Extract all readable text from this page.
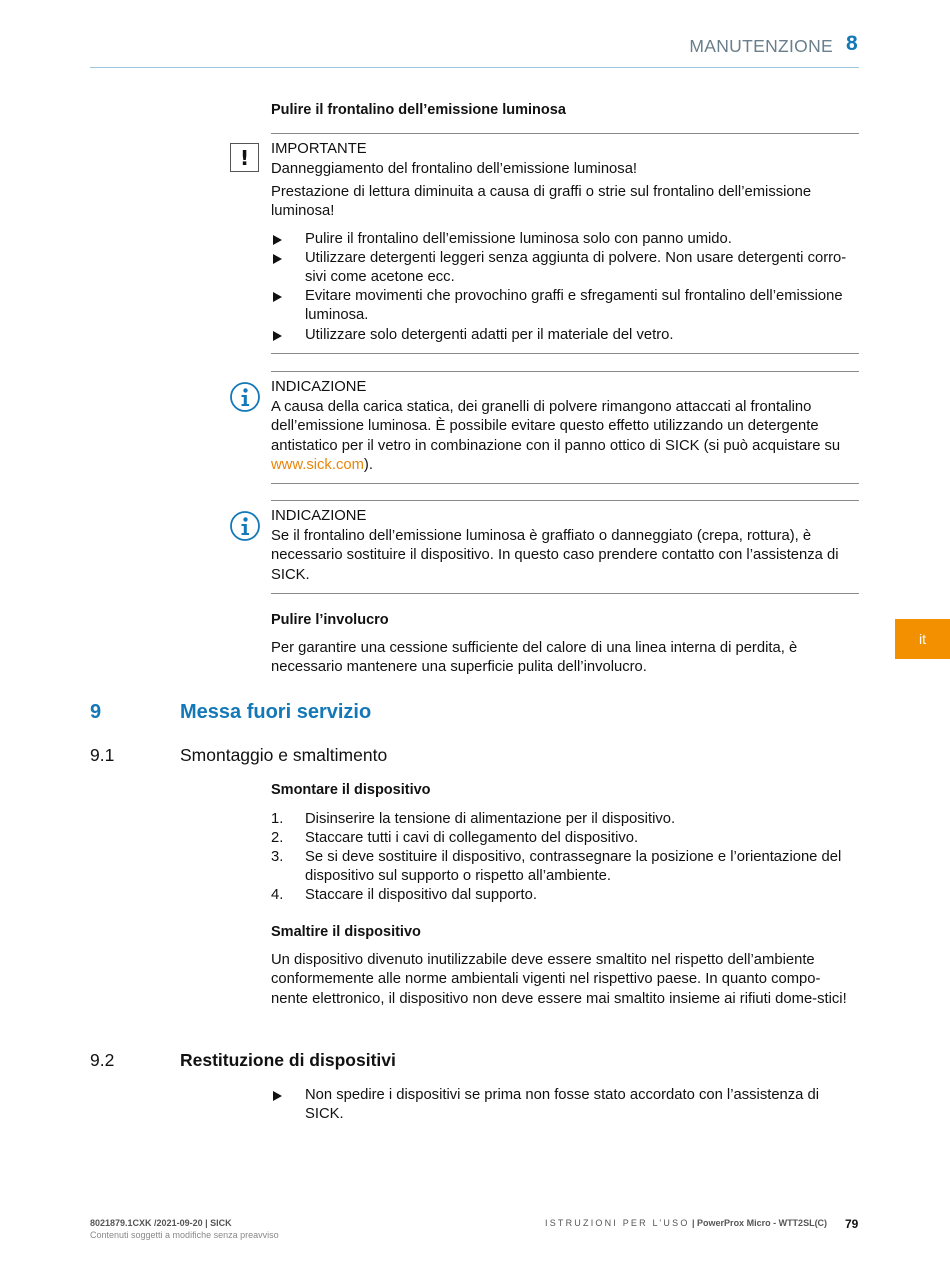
MANUTENZIONE 8
Pulire il frontalino dell’emissione luminosa
!	IMPORTANTE
Danneggiamento del frontalino dell’emissione luminosa!
Prestazione di lettura diminuita a causa di graffi o strie sul frontalino dell’emissione luminosa!
Pulire il frontalino dell’emissione luminosa solo con panno umido.
Utilizzare detergenti leggeri senza aggiunta di polvere. Non usare detergenti corro-sivi come acetone ecc.
Evitare movimenti che provochino graffi e sfregamenti sul frontalino dell’emissione luminosa.
Utilizzare solo detergenti adatti per il materiale del vetro.
INDICAZIONE
A causa della carica statica, dei granelli di polvere rimangono attaccati al frontalino dell’emissione luminosa. È possibile evitare questo effetto utilizzando un detergente antistatico per il vetro in combinazione con il panno ottico di SICK (si può acquistare su www.sick.com).
INDICAZIONE
Se il frontalino dell’emissione luminosa è graffiato o danneggiato (crepa, rottura), è necessario sostituire il dispositivo. In questo caso prendere contatto con l’assistenza di SICK.
Pulire l’involucro
Per garantire una cessione sufficiente del calore di una linea interna di perdita, è necessario mantenere una superficie pulita dell’involucro.
it
9	Messa fuori servizio
9.1	Smontaggio e smaltimento
Smontare il dispositivo
1. Disinserire la tensione di alimentazione per il dispositivo.
2. Staccare tutti i cavi di collegamento del dispositivo.
3. Se si deve sostituire il dispositivo, contrassegnare la posizione e l’orientazione del dispositivo sul supporto o rispetto all’ambiente.
4. Staccare il dispositivo dal supporto.
Smaltire il dispositivo
Un dispositivo divenuto inutilizzabile deve essere smaltito nel rispetto dell’ambiente conformemente alle norme ambientali vigenti nel rispettivo paese. In quanto compo-nente elettronico, il dispositivo non deve essere mai smaltito insieme ai rifiuti dome-stici!
9.2	Restituzione di dispositivi
Non spedire i dispositivi se prima non fosse stato accordato con l’assistenza di SICK.
8021879.1CXK /2021-09-20 | SICK
Contenuti soggetti a modifiche senza preavviso
ISTRUZIONI PER L’USO | PowerProx Micro - WTT2SL(C) 79
